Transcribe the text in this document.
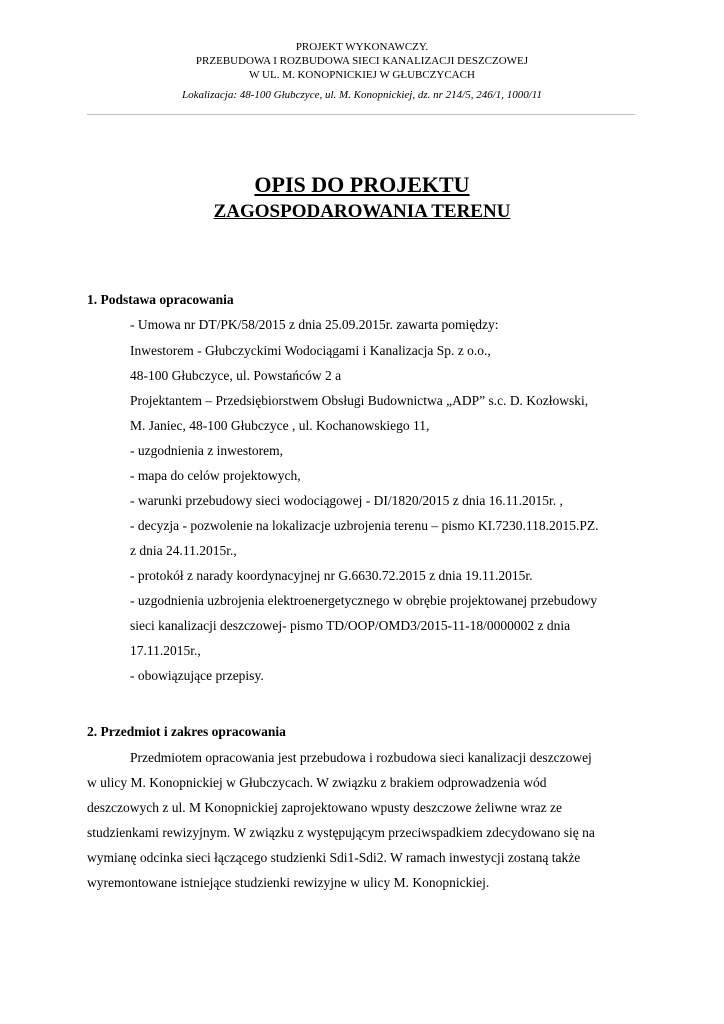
PROJEKT WYKONAWCZY.
PRZEBUDOWA I ROZBUDOWA SIECI KANALIZACJI DESZCZOWEJ
W UL. M. KONOPNICKIEJ W GŁUBCZYCACH
Lokalizacja: 48-100 Głubczyce, ul. M. Konopnickiej, dz. nr 214/5, 246/1, 1000/11
OPIS DO PROJEKTU
ZAGOSPODAROWANIA TERENU
1. Podstawa opracowania
- Umowa nr DT/PK/58/2015 z dnia 25.09.2015r. zawarta pomiędzy:
Inwestorem - Głubczyckimi Wodociągami i Kanalizacja Sp. z o.o.,
48-100 Głubczyce, ul. Powstańców 2 a
Projektantem – Przedsiębiorstwem Obsługi Budownictwa „ADP” s.c. D. Kozłowski,
M. Janiec, 48-100 Głubczyce , ul. Kochanowskiego 11,
- uzgodnienia z inwestorem,
- mapa do celów projektowych,
- warunki przebudowy sieci wodociągowej - DI/1820/2015 z dnia 16.11.2015r. ,
- decyzja - pozwolenie na lokalizacje uzbrojenia terenu – pismo KI.7230.118.2015.PZ.
z dnia 24.11.2015r.,
- protokół z narady koordynacyjnej nr G.6630.72.2015 z dnia 19.11.2015r.
- uzgodnienia uzbrojenia elektroenergetycznego w obrębie projektowanej przebudowy
sieci kanalizacji deszczowej- pismo TD/OOP/OMD3/2015-11-18/0000002 z dnia
17.11.2015r.,
- obowiązujące przepisy.
2. Przedmiot i zakres opracowania
Przedmiotem opracowania jest przebudowa i rozbudowa sieci kanalizacji deszczowej
w ulicy M. Konopnickiej w Głubczycach. W związku z brakiem odprowadzenia wód
deszczowych z ul. M Konopnickiej zaprojektowano wpusty deszczowe żeliwne wraz ze
studzienkami rewizyjnym. W związku z występującym przeciwspadkiem zdecydowano się na
wymianę odcinka sieci łączącego studzienki Sdi1-Sdi2. W ramach inwestycji zostaną także
wyremontowane istniejące studzienki rewizyjne w ulicy M. Konopnickiej.
